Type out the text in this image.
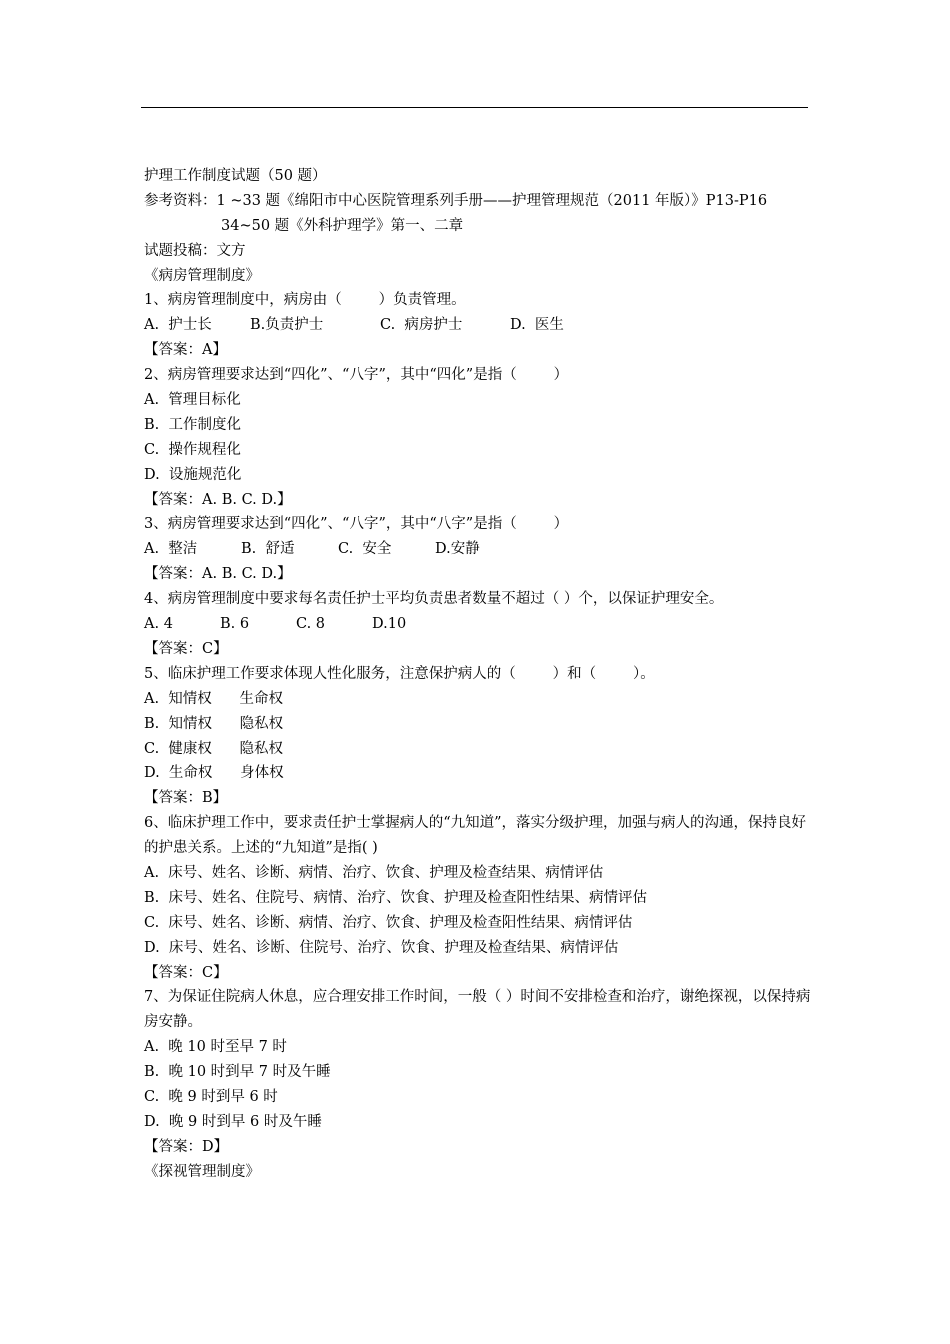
护理工作制度试题（50 题）
参考资料：1 ~33 题《绵阳市中心医院管理系列手册——护理管理规范（2011 年版）》P13-P16
34~50 题《外科护理学》第一、二章
试题投稿：文方
《病房管理制度》
1、病房管理制度中，病房由（        ）负责管理。
A.  护士长	B.负责护士	C.  病房护士	D.  医生
【答案：A】
2、病房管理要求达到“四化”、“八字”，其中“四化”是指（        ）
A.  管理目标化
B.  工作制度化
C.  操作规程化
D.  设施规范化
【答案：A. B. C. D.】
3、病房管理要求达到“四化”、“八字”，其中“八字”是指（        ）
A.  整洁	B.  舒适	C.  安全	D.安静
【答案：A. B. C. D.】
4、病房管理制度中要求每名责任护士平均负责患者数量不超过（ ）个，以保证护理安全。
A. 4	B. 6	C. 8	D.10
【答案：C】
5、临床护理工作要求体现人性化服务，注意保护病人的（        ）和（        ）。
A.  知情权      生命权
B.  知情权      隐私权
C.  健康权      隐私权
D.  生命权      身体权
【答案：B】
6、临床护理工作中，要求责任护士掌握病人的“九知道”，落实分级护理，加强与病人的沟通，保持良好的护患关系。上述的“九知道”是指( )
A.  床号、姓名、诊断、病情、治疗、饮食、护理及检查结果、病情评估
B.  床号、姓名、住院号、病情、治疗、饮食、护理及检查阳性结果、病情评估
C.  床号、姓名、诊断、病情、治疗、饮食、护理及检查阳性结果、病情评估
D.  床号、姓名、诊断、住院号、治疗、饮食、护理及检查结果、病情评估
【答案：C】
7、为保证住院病人休息，应合理安排工作时间，一般（ ）时间不安排检查和治疗，谢绝探视，以保持病房安静。
A.  晚 10 时至早 7 时
B.  晚 10 时到早 7 时及午睡
C.  晚 9 时到早 6 时
D.  晚 9 时到早 6 时及午睡
【答案：D】
《探视管理制度》
